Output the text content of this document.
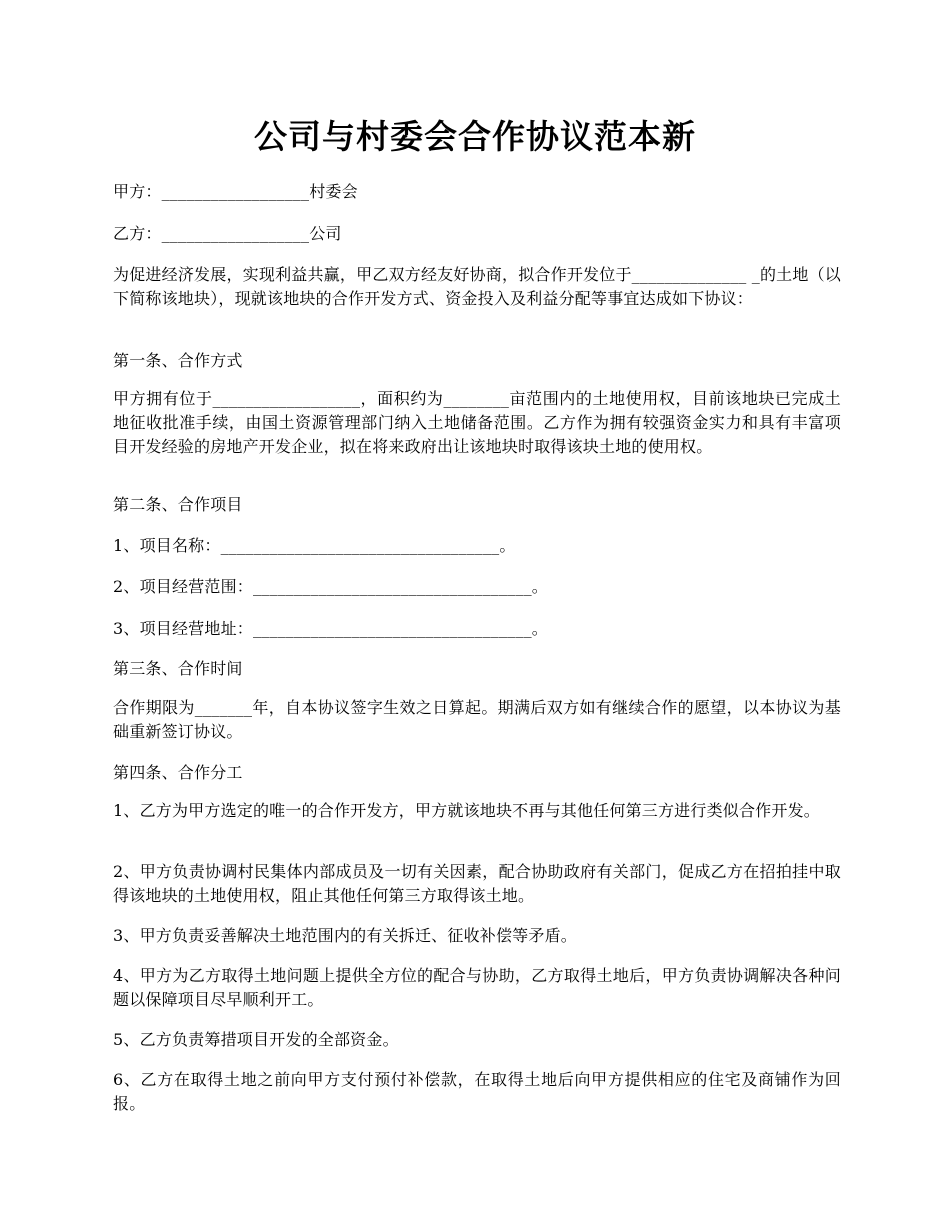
公司与村委会合作协议范本新
甲方：__________________村委会
乙方：__________________公司
为促进经济发展，实现利益共赢，甲乙双方经友好协商，拟合作开发位于______________ _的土地（以下简称该地块），现就该地块的合作开发方式、资金投入及利益分配等事宜达成如下协议：
第一条、合作方式
甲方拥有位于__________________，面积约为________亩范围内的土地使用权，目前该地块已完成土地征收批准手续，由国土资源管理部门纳入土地储备范围。乙方作为拥有较强资金实力和具有丰富项目开发经验的房地产开发企业，拟在将来政府出让该地块时取得该块土地的使用权。
第二条、合作项目
1、项目名称：__________________________________。
2、项目经营范围：__________________________________。
3、项目经营地址：__________________________________。
第三条、合作时间
合作期限为_______年，自本协议签字生效之日算起。期满后双方如有继续合作的愿望，以本协议为基础重新签订协议。
第四条、合作分工
1、乙方为甲方选定的唯一的合作开发方，甲方就该地块不再与其他任何第三方进行类似合作开发。
2、甲方负责协调村民集体内部成员及一切有关因素，配合协助政府有关部门，促成乙方在招拍挂中取得该地块的土地使用权，阻止其他任何第三方取得该土地。
3、甲方负责妥善解决土地范围内的有关拆迁、征收补偿等矛盾。
4、甲方为乙方取得土地问题上提供全方位的配合与协助，乙方取得土地后，甲方负责协调解决各种问题以保障项目尽早顺利开工。
5、乙方负责筹措项目开发的全部资金。
6、乙方在取得土地之前向甲方支付预付补偿款，在取得土地后向甲方提供相应的住宅及商铺作为回报。
